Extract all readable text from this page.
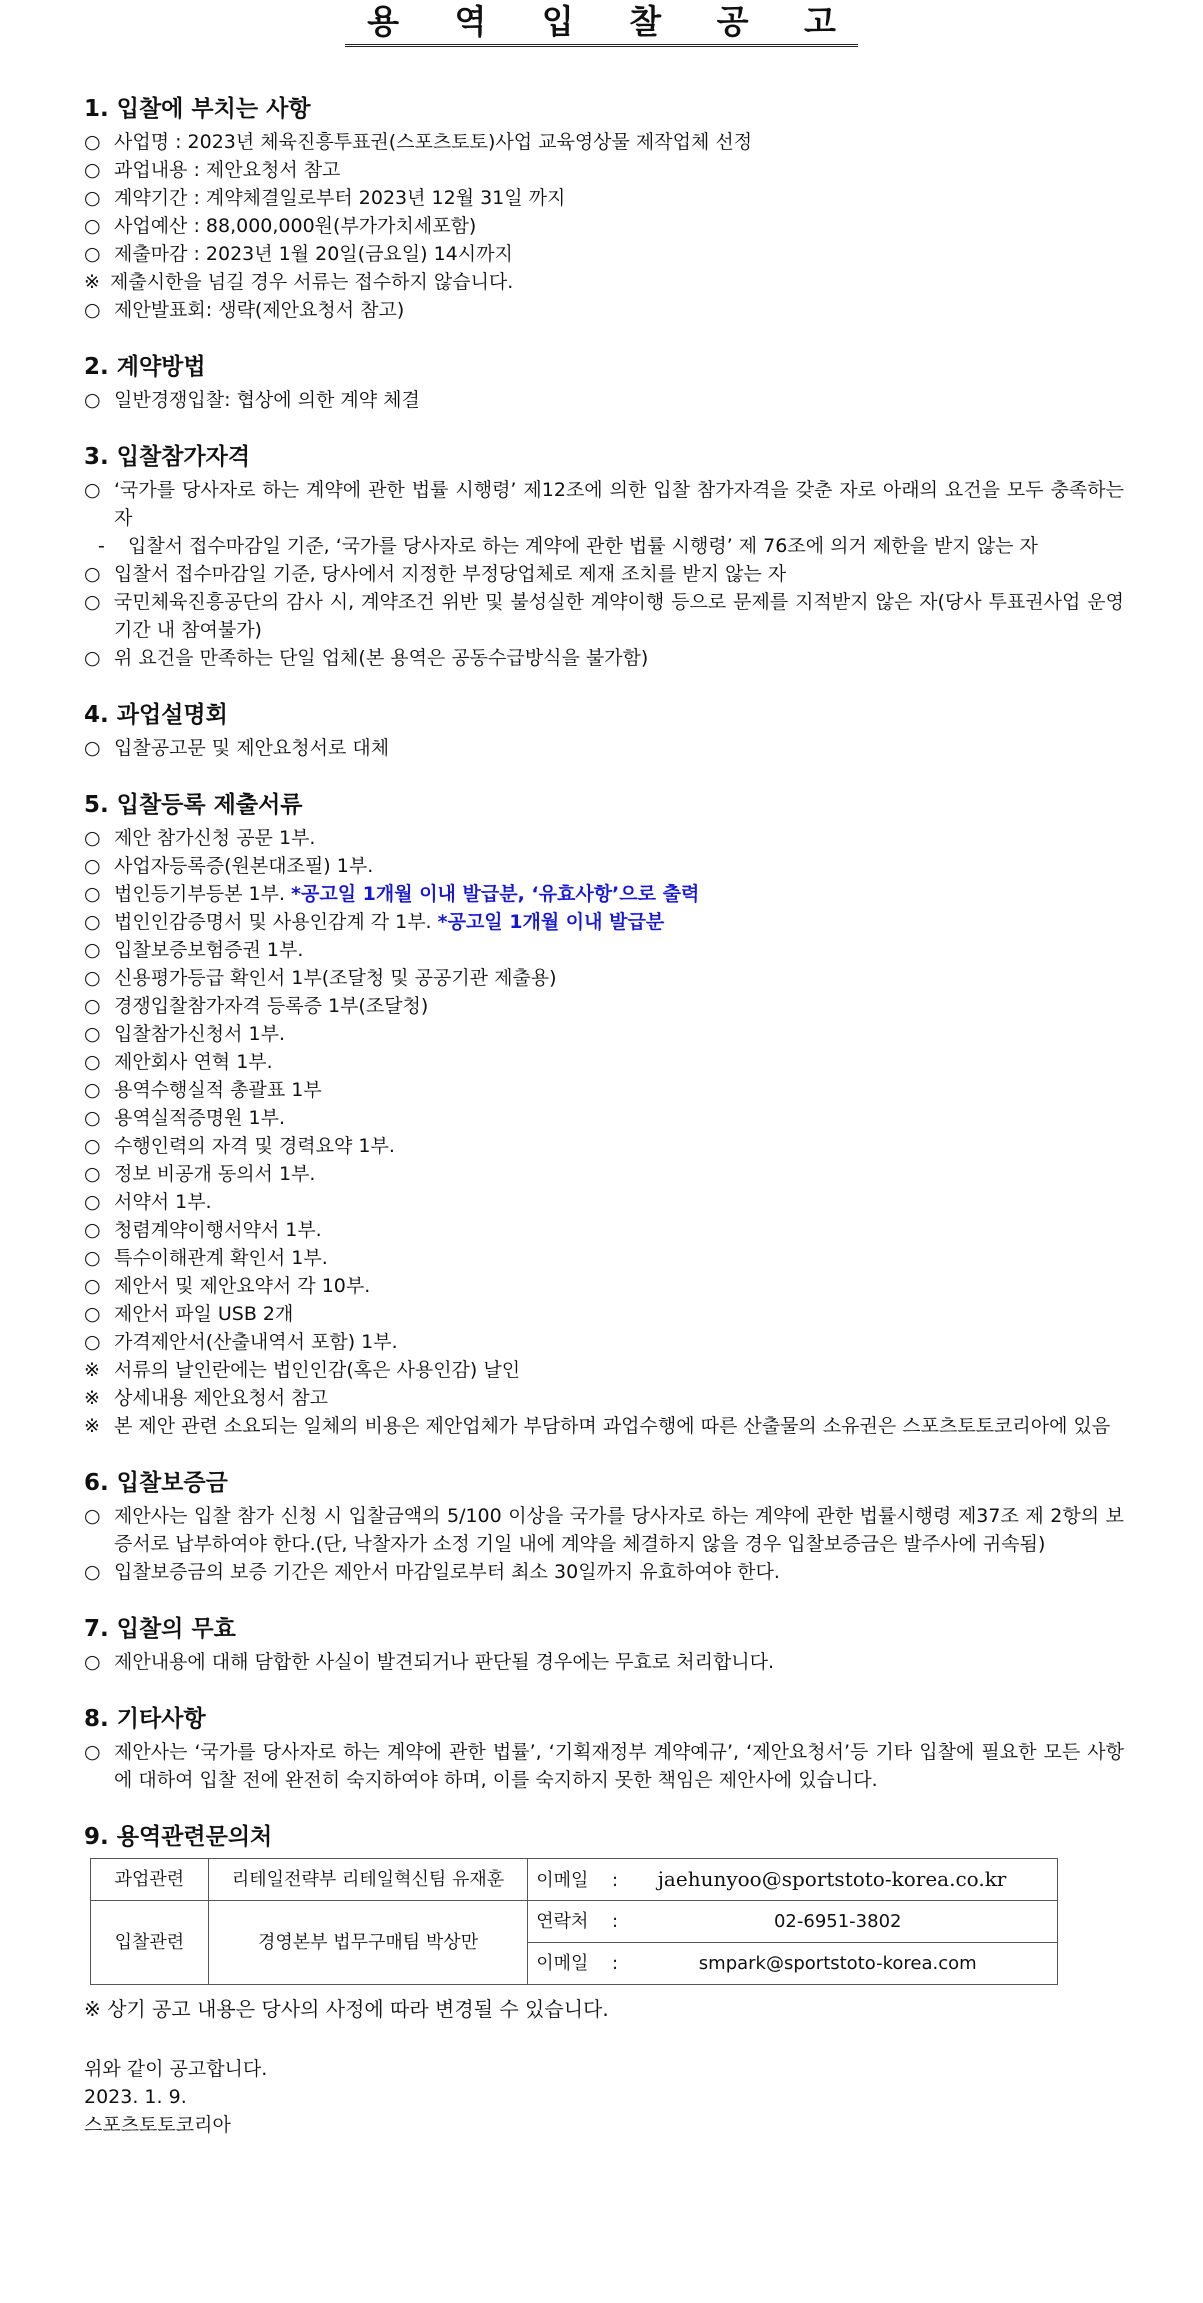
용 역 입 찰 공 고
1. 입찰에 부치는 사항
○ 사업명 : 2023년 체육진흥투표권(스포츠토토)사업 교육영상물 제작업체 선정
○ 과업내용 : 제안요청서 참고
○ 계약기간 : 계약체결일로부터 2023년 12월 31일 까지
○ 사업예산 : 88,000,000원(부가가치세포함)
○ 제출마감 : 2023년 1월 20일(금요일) 14시까지
※ 제출시한을 넘길 경우 서류는 접수하지 않습니다.
○ 제안발표회: 생략(제안요청서 참고)
2. 계약방법
○ 일반경쟁입찰: 협상에 의한 계약 체결
3. 입찰참가자격
○ ‘국가를 당사자로 하는 계약에 관한 법률 시행령’ 제12조에 의한 입찰 참가자격을 갖춘 자로 아래의 요건을 모두 충족하는 자
- 입찰서 접수마감일 기준, ‘국가를 당사자로 하는 계약에 관한 법률 시행령’ 제 76조에 의거 제한을 받지 않는 자
○ 입찰서 접수마감일 기준, 당사에서 지정한 부정당업체로 제재 조치를 받지 않는 자
○ 국민체육진흥공단의 감사 시, 계약조건 위반 및 불성실한 계약이행 등으로 문제를 지적받지 않은 자(당사 투표권사업 운영기간 내 참여불가)
○ 위 요건을 만족하는 단일 업체(본 용역은 공동수급방식을 불가함)
4. 과업설명회
○ 입찰공고문 및 제안요청서로 대체
5. 입찰등록 제출서류
○ 제안 참가신청 공문 1부.
○ 사업자등록증(원본대조필) 1부.
○ 법인등기부등본 1부. *공고일 1개월 이내 발급분, ‘유효사항’으로 출력
○ 법인인감증명서 및 사용인감계 각 1부. *공고일 1개월 이내 발급분
○ 입찰보증보험증권 1부.
○ 신용평가등급 확인서 1부(조달청 및 공공기관 제출용)
○ 경쟁입찰참가자격 등록증 1부(조달청)
○ 입찰참가신청서 1부.
○ 제안회사 연혁 1부.
○ 용역수행실적 총괄표 1부
○ 용역실적증명원 1부.
○ 수행인력의 자격 및 경력요약 1부.
○ 정보 비공개 동의서 1부.
○ 서약서 1부.
○ 청렴계약이행서약서 1부.
○ 특수이해관계 확인서 1부.
○ 제안서 및 제안요약서 각 10부.
○ 제안서 파일 USB 2개
○ 가격제안서(산출내역서 포함) 1부.
※ 서류의 날인란에는 법인인감(혹은 사용인감) 날인
※ 상세내용 제안요청서 참고
※ 본 제안 관련 소요되는 일체의 비용은 제안업체가 부담하며 과업수행에 따른 산출물의 소유권은 스포츠토토코리아에 있음
6. 입찰보증금
○ 제안사는 입찰 참가 신청 시 입찰금액의 5/100 이상을 국가를 당사자로 하는 계약에 관한 법률시행령 제37조 제 2항의 보증서로 납부하여야 한다.(단, 낙찰자가 소정 기일 내에 계약을 체결하지 않을 경우 입찰보증금은 발주사에 귀속됨)
○ 입찰보증금의 보증 기간은 제안서 마감일로부터 최소 30일까지 유효하여야 한다.
7. 입찰의 무효
○ 제안내용에 대해 담합한 사실이 발견되거나 판단될 경우에는 무효로 처리합니다.
8. 기타사항
○ 제안사는 ‘국가를 당사자로 하는 계약에 관한 법률’, ‘기획재정부 계약예규’, ‘제안요청서’등 기타 입찰에 필요한 모든 사항에 대하여 입찰 전에 완전히 숙지하여야 하며, 이를 숙지하지 못한 책임은 제안사에 있습니다.
9. 용역관련문의처
과업관련	리테일전략부 리테일혁신팀 유재훈	이메일 : jaehunyoo@sportstoto-korea.co.kr
입찰관련	경영본부 법무구매팀 박상만	연락처 : 02-6951-3802
		이메일 : smpark@sportstoto-korea.com
※ 상기 공고 내용은 당사의 사정에 따라 변경될 수 있습니다.
위와 같이 공고합니다.
2023. 1. 9.
스포츠토토코리아
